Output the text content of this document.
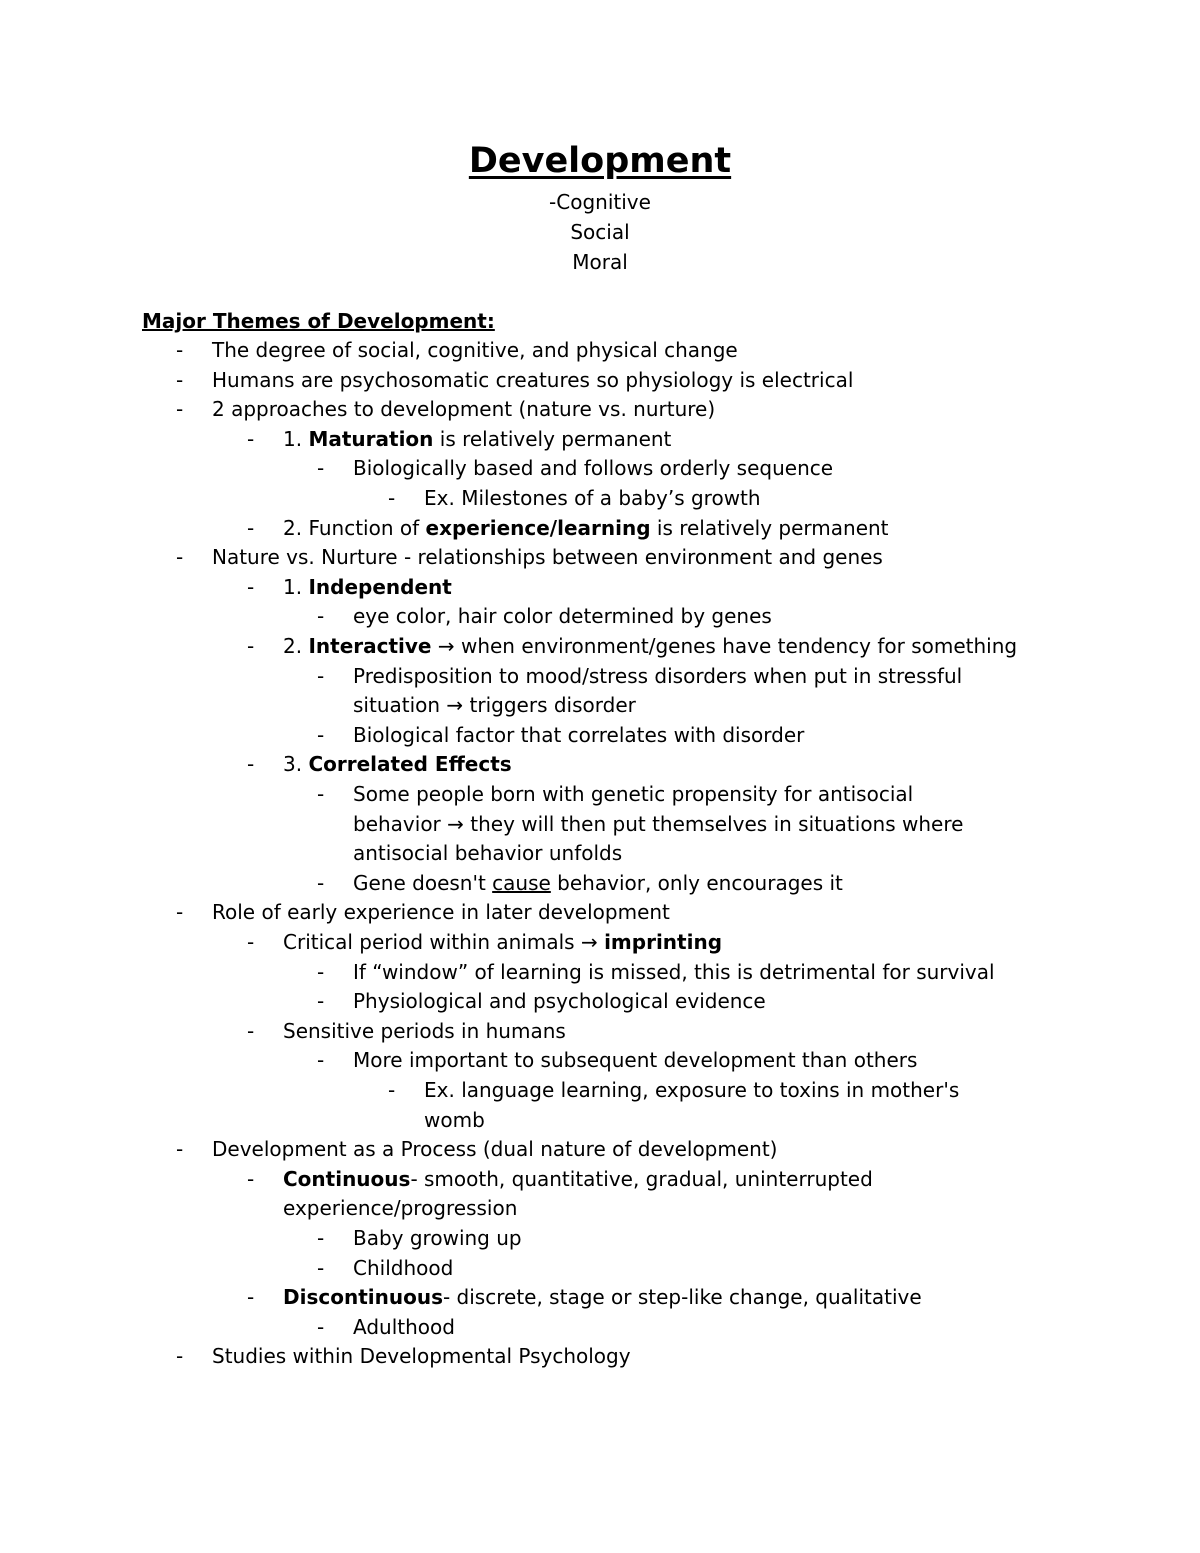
Development
-Cognitive
Social
Moral
Major Themes of Development:
- The degree of social, cognitive, and physical change
- Humans are psychosomatic creatures so physiology is electrical
- 2 approaches to development (nature vs. nurture)
- 1. Maturation is relatively permanent
- Biologically based and follows orderly sequence
- Ex. Milestones of a baby’s growth
- 2. Function of experience/learning is relatively permanent
- Nature vs. Nurture - relationships between environment and genes
- 1. Independent
- eye color, hair color determined by genes
- 2. Interactive → when environment/genes have tendency for something
- Predisposition to mood/stress disorders when put in stressful
situation → triggers disorder
- Biological factor that correlates with disorder
- 3. Correlated Effects
- Some people born with genetic propensity for antisocial
behavior → they will then put themselves in situations where
antisocial behavior unfolds
- Gene doesn't cause behavior, only encourages it
- Role of early experience in later development
- Critical period within animals → imprinting
- If “window” of learning is missed, this is detrimental for survival
- Physiological and psychological evidence
- Sensitive periods in humans
- More important to subsequent development than others
- Ex. language learning, exposure to toxins in mother's
womb
- Development as a Process (dual nature of development)
- Continuous- smooth, quantitative, gradual, uninterrupted
experience/progression
- Baby growing up
- Childhood
- Discontinuous- discrete, stage or step-like change, qualitative
- Adulthood
- Studies within Developmental Psychology
